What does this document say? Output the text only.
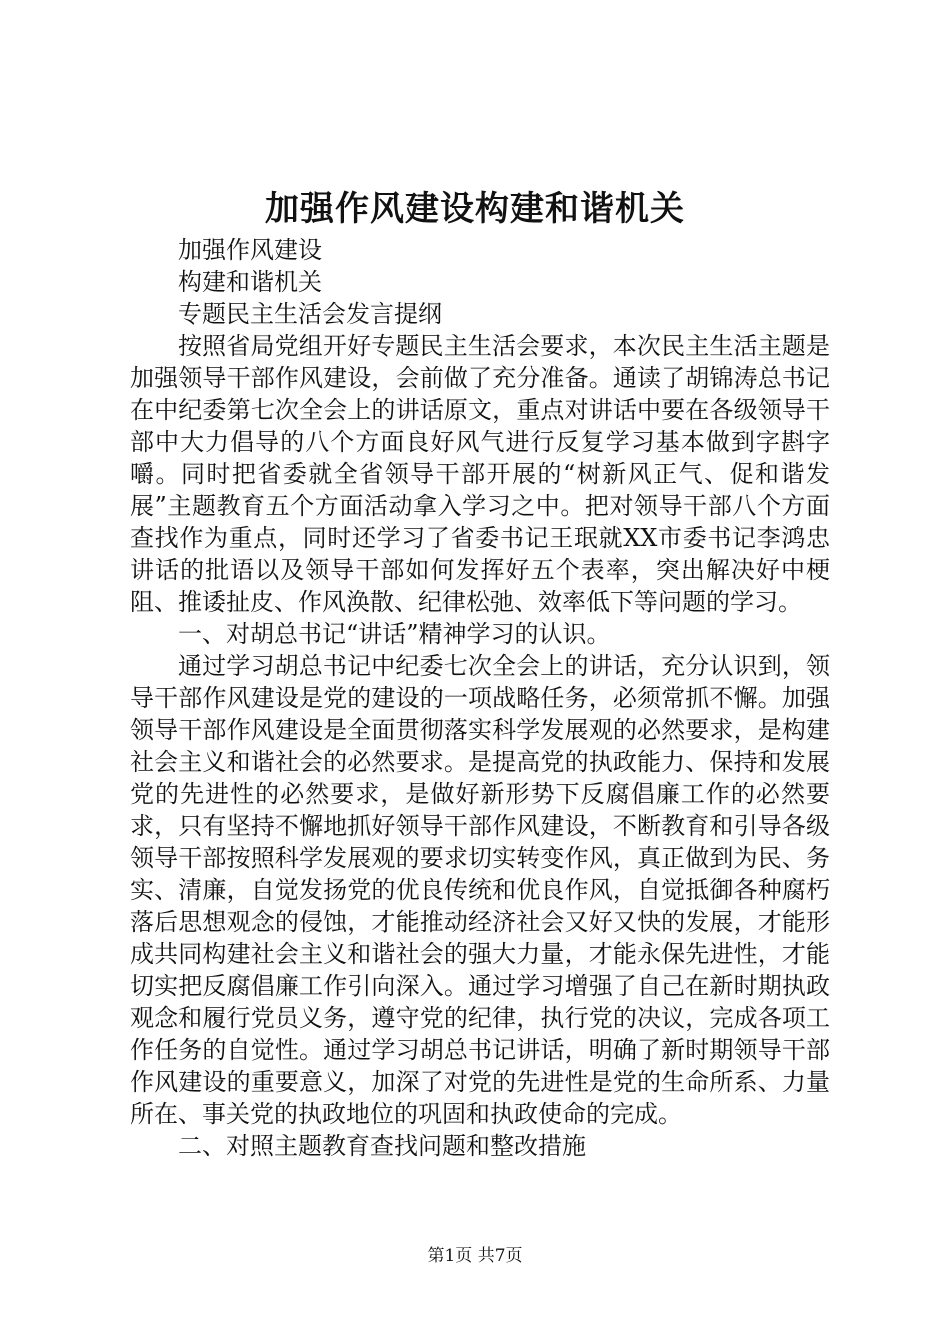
加强作风建设构建和谐机关

加强作风建设

构建和谐机关

专题民主生活会发言提纲

按照省局党组开好专题民主生活会要求，本次民主生活主题是加强领导干部作风建设，会前做了充分准备。通读了胡锦涛总书记在中纪委第七次全会上的讲话原文，重点对讲话中要在各级领导干部中大力倡导的八个方面良好风气进行反复学习基本做到字斟字嚼。同时把省委就全省领导干部开展的“树新风正气、促和谐发展”主题教育五个方面活动拿入学习之中。把对领导干部八个方面查找作为重点，同时还学习了省委书记王珉就XX市委书记李鸿忠讲话的批语以及领导干部如何发挥好五个表率，突出解决好中梗阻、推诿扯皮、作风涣散、纪律松弛、效率低下等问题的学习。

一、对胡总书记“讲话”精神学习的认识。

通过学习胡总书记中纪委七次全会上的讲话，充分认识到，领导干部作风建设是党的建设的一项战略任务，必须常抓不懈。加强领导干部作风建设是全面贯彻落实科学发展观的必然要求，是构建社会主义和谐社会的必然要求。是提高党的执政能力、保持和发展党的先进性的必然要求，是做好新形势下反腐倡廉工作的必然要求，只有坚持不懈地抓好领导干部作风建设，不断教育和引导各级领导干部按照科学发展观的要求切实转变作风，真正做到为民、务实、清廉，自觉发扬党的优良传统和优良作风，自觉抵御各种腐朽落后思想观念的侵蚀，才能推动经济社会又好又快的发展，才能形成共同构建社会主义和谐社会的强大力量，才能永保先进性，才能切实把反腐倡廉工作引向深入。通过学习增强了自己在新时期执政观念和履行党员义务，遵守党的纪律，执行党的决议，完成各项工作任务的自觉性。通过学习胡总书记讲话，明确了新时期领导干部作风建设的重要意义，加深了对党的先进性是党的生命所系、力量所在、事关党的执政地位的巩固和执政使命的完成。

二、对照主题教育查找问题和整改措施

第1页 共7页
